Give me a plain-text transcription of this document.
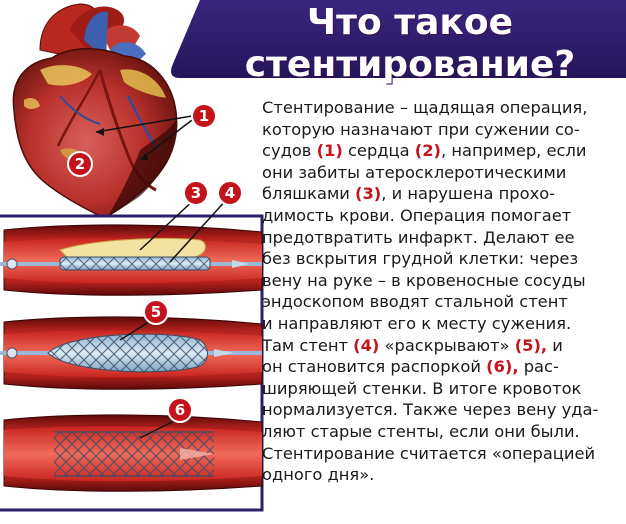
Что такое
стентирование?
1
2
3 4
5
6
Стентирование – щадящая операция,
которую назначают при сужении со-
судов (1) сердца (2), например, если
они забиты атеросклеротическими
бляшками (3), и нарушена прохо-
димость крови. Операция помогает
предотвратить инфаркт. Делают ее
без вскрытия грудной клетки: через
вену на руке – в кровеносные сосуды
эндоскопом вводят стальной стент
и направляют его к месту сужения.
Там стент (4) «раскрывают» (5), и
он становится распоркой (6), рас-
ширяющей стенки. В итоге кровоток
нормализуется. Также через вену уда-
ляют старые стенты, если они были.
Стентирование считается «операцией
одного дня».
